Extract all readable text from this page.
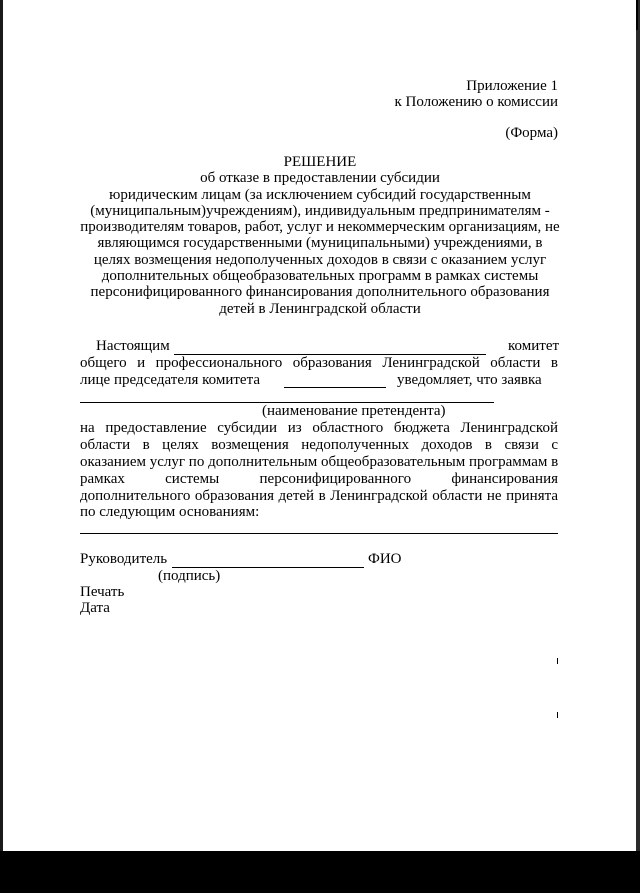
Приложение 1
к Положению о комиссии
(Форма)
РЕШЕНИЕ
об отказе в предоставлении субсидии
юридическим лицам (за исключением субсидий государственным
(муниципальным)учреждениям), индивидуальным предпринимателям -
производителям товаров, работ, услуг и некоммерческим организациям, не
являющимся государственными (муниципальными) учреждениями, в
целях возмещения недополученных доходов в связи с оказанием услуг
дополнительных общеобразовательных программ в рамках системы
персонифицированного финансирования дополнительного образования
детей в Ленинградской области
Настоящим	комитет
общего и профессионального образования Ленинградской области в
лице председателя комитета	уведомляет, что заявка
(наименование претендента)
на предоставление субсидии из областного бюджета Ленинградской
области в целях возмещения недополученных доходов в связи с
оказанием услуг по дополнительным общеобразовательным программам в
рамках системы персонифицированного финансирования
дополнительного образования детей в Ленинградской области не принята
по следующим основаниям:
Руководитель	ФИО
(подпись)
Печать
Дата
